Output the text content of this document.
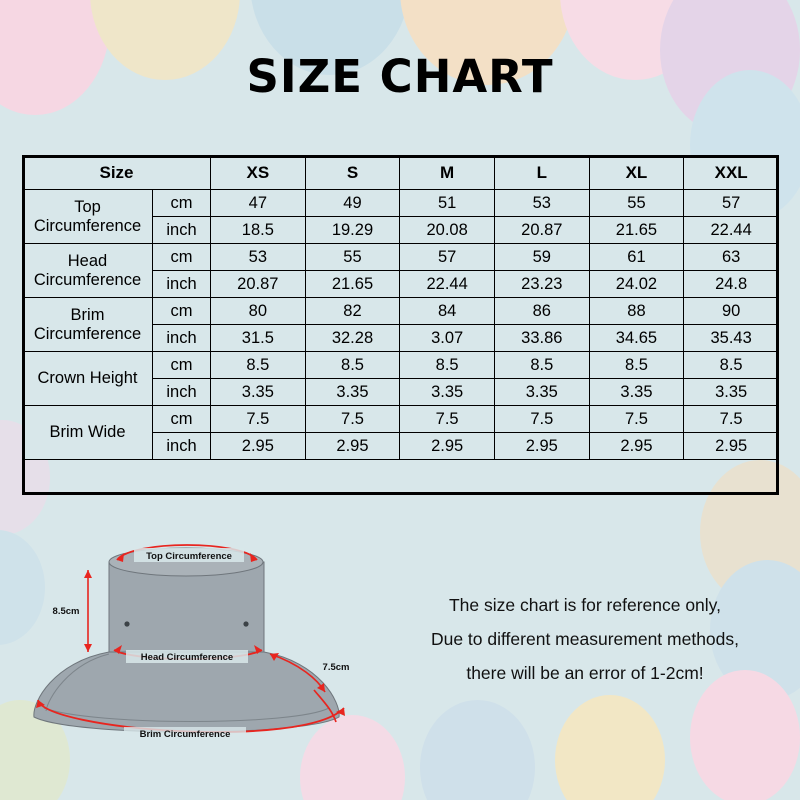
SIZE CHART
Size		XS	S	M	L	XL	XXL
Top Circumference	cm	47	49	51	53	55	57
	inch	18.5	19.29	20.08	20.87	21.65	22.44
Head Circumference	cm	53	55	57	59	61	63
	inch	20.87	21.65	22.44	23.23	24.02	24.8
Brim Circumference	cm	80	82	84	86	88	90
	inch	31.5	32.28	3.07	33.86	34.65	35.43
Crown Height	cm	8.5	8.5	8.5	8.5	8.5	8.5
	inch	3.35	3.35	3.35	3.35	3.35	3.35
Brim Wide	cm	7.5	7.5	7.5	7.5	7.5	7.5
	inch	2.95	2.95	2.95	2.95	2.95	2.95
Top Circumference
8.5cm
Head Circumference
7.5cm
Brim Circumference
The size chart is for reference only,
Due to different measurement methods,
there will be an error of 1-2cm!
